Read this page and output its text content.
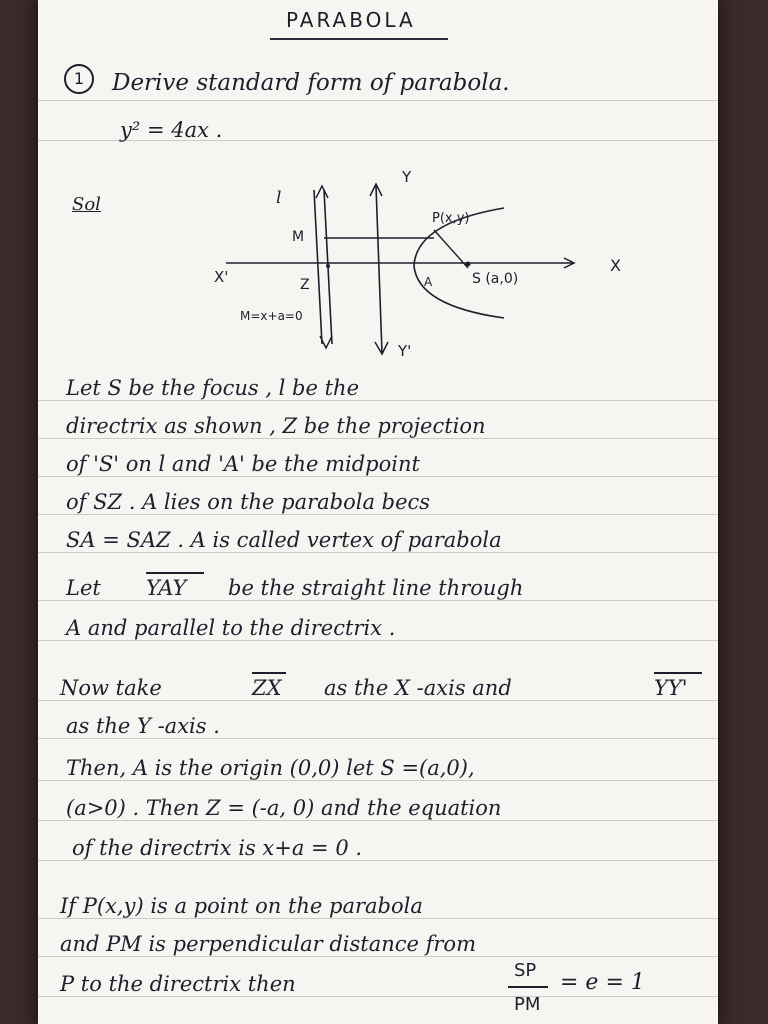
PARABOLA
1	Derive standard form of parabola.
y² = 4ax .
Sol	l
Y
Y'
X
X'
M
Z	A
P(x,y)
S (a,0)
M=x+a=0
Let S be the focus , l be the
directrix as shown , Z be the projection
of 'S' on l and 'A' be the midpoint
of SZ . A lies on the parabola becs
SA = SAZ . A is called vertex of parabola
Let YAY be the straight line through
A and parallel to the directrix .
Now take	ZX as the X -axis and	YY'
as the Y -axis .
Then, A is the origin (0,0) let S =(a,0),
(a>0) . Then Z = (-a, 0) and the equation
of the directrix is x+a = 0 .
If P(x,y) is a point on the parabola
and PM is perpendicular distance from
P to the directrix then
SP
PM
= e = 1
